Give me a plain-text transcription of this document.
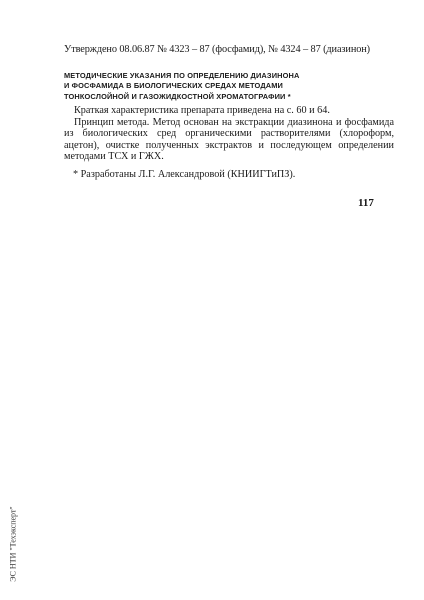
Утверждено 08.06.87 № 4323 – 87 (фосфамид), № 4324 – 87 (диазинон)
МЕТОДИЧЕСКИЕ УКАЗАНИЯ ПО ОПРЕДЕЛЕНИЮ ДИАЗИНОНА
И ФОСФАМИДА В БИОЛОГИЧЕСКИХ СРЕДАХ МЕТОДАМИ
ТОНКОСЛОЙНОЙ И ГАЗОЖИДКОСТНОЙ ХРОМАТОГРАФИИ *

Краткая характеристика препарата приведена на с. 60 и 64.

Принцип метода. Метод основан на экстракции диазинона и фосфамида из биологических сред органическими растворителями (хлороформ, ацетон), очистке полученных экстрактов и последующем определении методами ТСХ и ГЖХ.

* Разработаны Л.Г. Александровой (КНИИГТиПЗ).
117
ЭС НТИ "Техэксперт"
